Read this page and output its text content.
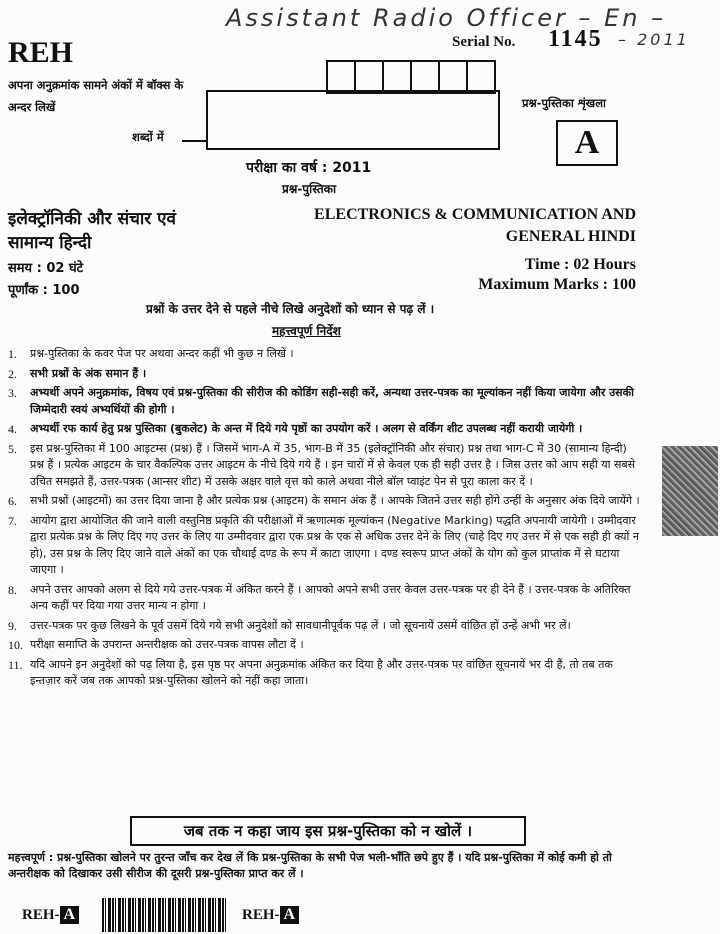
Assistant Radio Officer – En –
– 2011
REH
अपना अनुक्रमांक सामने अंकों में बॉक्स के अन्दर लिखें
शब्दों में
Serial No. 1145
प्रश्न-पुस्तिका शृंखला
A
परीक्षा का वर्ष : 2011
प्रश्न-पुस्तिका
इलेक्ट्रॉनिकी और संचार एवं
सामान्य हिन्दी
ELECTRONICS & COMMUNICATION AND
GENERAL HINDI
समय : 02 घंटे
पूर्णांक : 100
Time : 02 Hours
Maximum Marks : 100
प्रश्नों के उत्तर देने से पहले नीचे लिखे अनुदेशों को ध्यान से पढ़ लें ।
महत्त्वपूर्ण निर्देश
1.	प्रश्न-पुस्तिका के कवर पेज पर अथवा अन्दर कहीं भी कुछ न लिखें ।
2.	सभी प्रश्नों के अंक समान हैं ।
3.	अभ्यर्थी अपने अनुक्रमांक, विषय एवं प्रश्न-पुस्तिका की सीरीज की कोडिंग सही-सही करें, अन्यथा उत्तर-पत्रक का मूल्यांकन नहीं किया जायेगा और उसकी जिम्मेदारी स्वयं अभ्यर्थियों की होगी ।
4.	अभ्यर्थी रफ कार्य हेतु प्रश्न पुस्तिका (बुकलेट) के अन्त में दिये गये पृष्ठों का उपयोग करें । अलग से वर्किंग शीट उपलब्ध नहीं करायी जायेगी ।
5.	इस प्रश्न-पुस्तिका में 100 आइटम्स (प्रश्न) हैं । जिसमें भाग-A में 35, भाग-B में 35 (इलेक्ट्रॉनिकी और संचार) प्रश्न तथा भाग-C में 30 (सामान्य हिन्दी) प्रश्न हैं । प्रत्येक आइटम के चार वैकल्पिक उत्तर आइटम के नीचे दिये गये हैं । इन चारों में से केवल एक ही सही उत्तर है । जिस उत्तर को आप सही या सबसे उचित समझते हैं, उत्तर-पत्रक (आन्सर शीट) में उसके अक्षर वाले वृत्त को काले अथवा नीले बॉल प्वाइंट पेन से पूरा काला कर दें ।
6.	सभी प्रश्नों (आइटमों) का उत्तर दिया जाना है और प्रत्येक प्रश्न (आइटम) के समान अंक हैं । आपके जितने उत्तर सही होंगे उन्हीं के अनुसार अंक दिये जायेंगे ।
7.	आयोग द्वारा आयोजित की जाने वाली वस्तुनिष्ठ प्रकृति की परीक्षाओं में ऋणात्मक मूल्यांकन (Negative Marking) पद्धति अपनायी जायेगी । उम्मीदवार द्वारा प्रत्येक प्रश्न के लिए दिए गए उत्तर के लिए या उम्मीदवार द्वारा एक प्रश्न के एक से अधिक उत्तर देने के लिए (चाहे दिए गए उत्तर में से एक सही ही क्यों न हो), उस प्रश्न के लिए दिए जाने वाले अंकों का एक चौथाई दण्ड के रूप में काटा जाएगा । दण्ड स्वरूप प्राप्त अंकों के योग को कुल प्राप्तांक में से घटाया जाएगा ।
8.	अपने उत्तर आपको अलग से दिये गये उत्तर-पत्रक में अंकित करने हैं । आपको अपने सभी उत्तर केवल उत्तर-पत्रक पर ही देने हैं । उत्तर-पत्रक के अतिरिक्त अन्य कहीं पर दिया गया उत्तर मान्य न होगा ।
9.	उत्तर-पत्रक पर कुछ लिखने के पूर्व उसमें दिये गये सभी अनुदेशों को सावधानीपूर्वक पढ़ लें । जो सूचनायें उसमें वांछित हों उन्हें अभी भर लें।
10. परीक्षा समाप्ति के उपरान्त अन्तरीक्षक को उत्तर-पत्रक वापस लौटा दें ।
11. यदि आपने इन अनुदेशों को पढ़ लिया है, इस पृष्ठ पर अपना अनुक्रमांक अंकित कर दिया है और उत्तर-पत्रक पर वांछित सूचनायें भर दी हैं, तो तब तक इन्तज़ार करें जब तक आपको प्रश्न-पुस्तिका खोलने को नहीं कहा जाता।
जब तक न कहा जाय इस प्रश्न-पुस्तिका को न खोलें ।
महत्त्वपूर्ण : प्रश्न-पुस्तिका खोलने पर तुरन्त जाँच कर देख लें कि प्रश्न-पुस्तिका के सभी पेज भली-भाँति छपे हुए हैं । यदि प्रश्न-पुस्तिका में कोई कमी हो तो अन्तरीक्षक को दिखाकर उसी सीरीज की दूसरी प्रश्न-पुस्तिका प्राप्त कर लें ।
REH- A	REH- A
